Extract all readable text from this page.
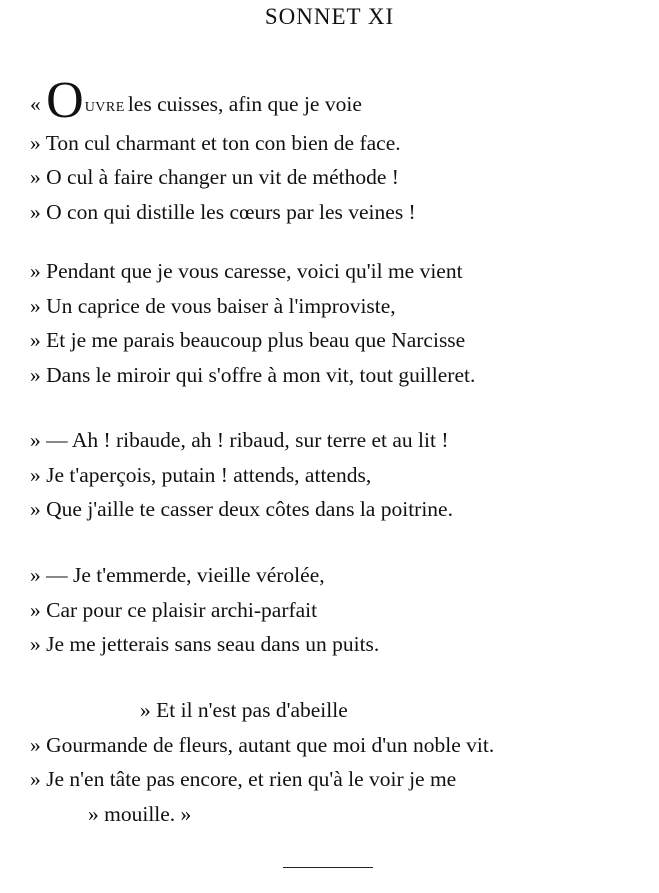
SONNET XI
« OUVRE les cuisses, afin que je voie
» Ton cul charmant et ton con bien de face.
» O cul à faire changer un vit de méthode !
» O con qui distille les cœurs par les veines !
» Pendant que je vous caresse, voici qu'il me vient
» Un caprice de vous baiser à l'improviste,
» Et je me parais beaucoup plus beau que Narcisse
» Dans le miroir qui s'offre à mon vit, tout guilleret.
» — Ah ! ribaude, ah ! ribaud, sur terre et au lit !
» Je t'aperçois, putain ! attends, attends,
» Que j'aille te casser deux côtes dans la poitrine.
» — Je t'emmerde, vieille vérolée,
» Car pour ce plaisir archi-parfait
» Je me jetterais sans seau dans un puits.
» Et il n'est pas d'abeille
» Gourmande de fleurs, autant que moi d'un noble vit.
» Je n'en tâte pas encore, et rien qu'à le voir je me
» mouille. »
